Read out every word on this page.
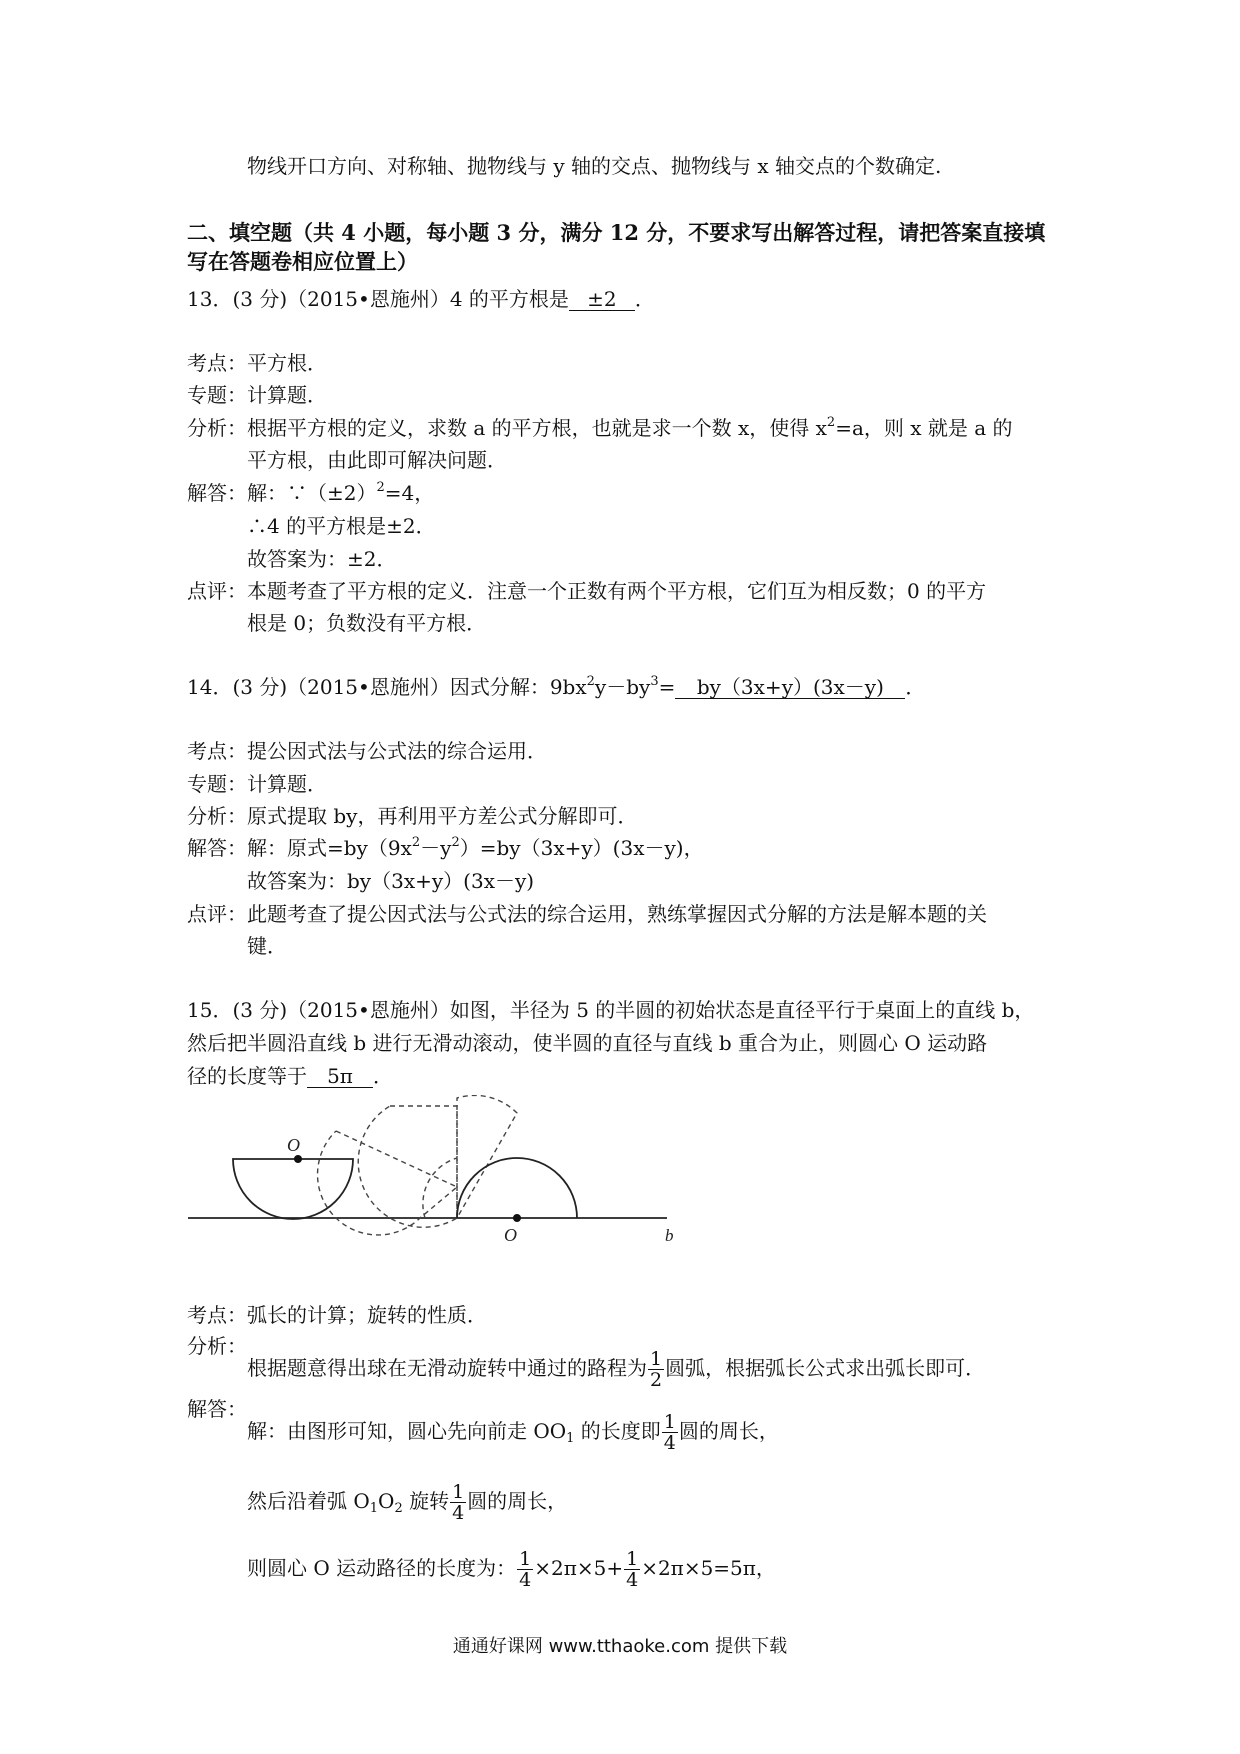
物线开口方向、对称轴、抛物线与 y 轴的交点、抛物线与 x 轴交点的个数确定.
二、填空题（共 4 小题，每小题 3 分，满分 12 分，不要求写出解答过程，请把答案直接填
写在答题卷相应位置上）
13．(3 分)（2015•恩施州）4 的平方根是 ±2 ．
考点：平方根．
专题：计算题．
分析：根据平方根的定义，求数 a 的平方根，也就是求一个数 x，使得 $x^2=a$，则 x 就是 a 的
平方根，由此即可解决问题．
解答：解：$\because(\pm 2)^2=4$，
∴4 的平方根是±2．
故答案为：±2．
点评：本题考查了平方根的定义．注意一个正数有两个平方根，它们互为相反数；0 的平方
根是 0；负数没有平方根．
14．(3 分)（2015•恩施州）因式分解：$9bx^2y-by^3= by(3x+y)(3x-y)$ ．
考点：提公因式法与公式法的综合运用．
专题：计算题．
分析：原式提取 by，再利用平方差公式分解即可．
解答：解：原式$=by(9x^2-y^2)=by(3x+y)(3x-y)$，
故答案为：by（3x+y）(3x－y)
点评：此题考查了提公因式法与公式法的综合运用，熟练掌握因式分解的方法是解本题的关
键．
15．(3 分)（2015•恩施州）如图，半径为 5 的半圆的初始状态是直径平行于桌面上的直线 b，
然后把半圆沿直线 b 进行无滑动滚动，使半圆的直径与直线 b 重合为止，则圆心 O 运动路
径的长度等于 5π ．
O
O	b
考点：弧长的计算；旋转的性质．
分析：
根据题意得出球在无滑动旋转中通过的路程为 $\frac{1}{2}$ 圆弧，根据弧长公式求出弧长即可．
解答：
解：由图形可知，圆心先向前走 $OO_1$ 的长度即 $\frac{1}{4}$ 圆的周长，
然后沿着弧 $O_1O_2$ 旋转 $\frac{1}{4}$ 圆的周长，
则圆心 O 运动路径的长度为： $\frac{1}{4} \times 2\pi\times 5+ \frac{1}{4} \times 2\pi\times 5=5\pi$，
通通好课网 www.tthaoke.com 提供下载
